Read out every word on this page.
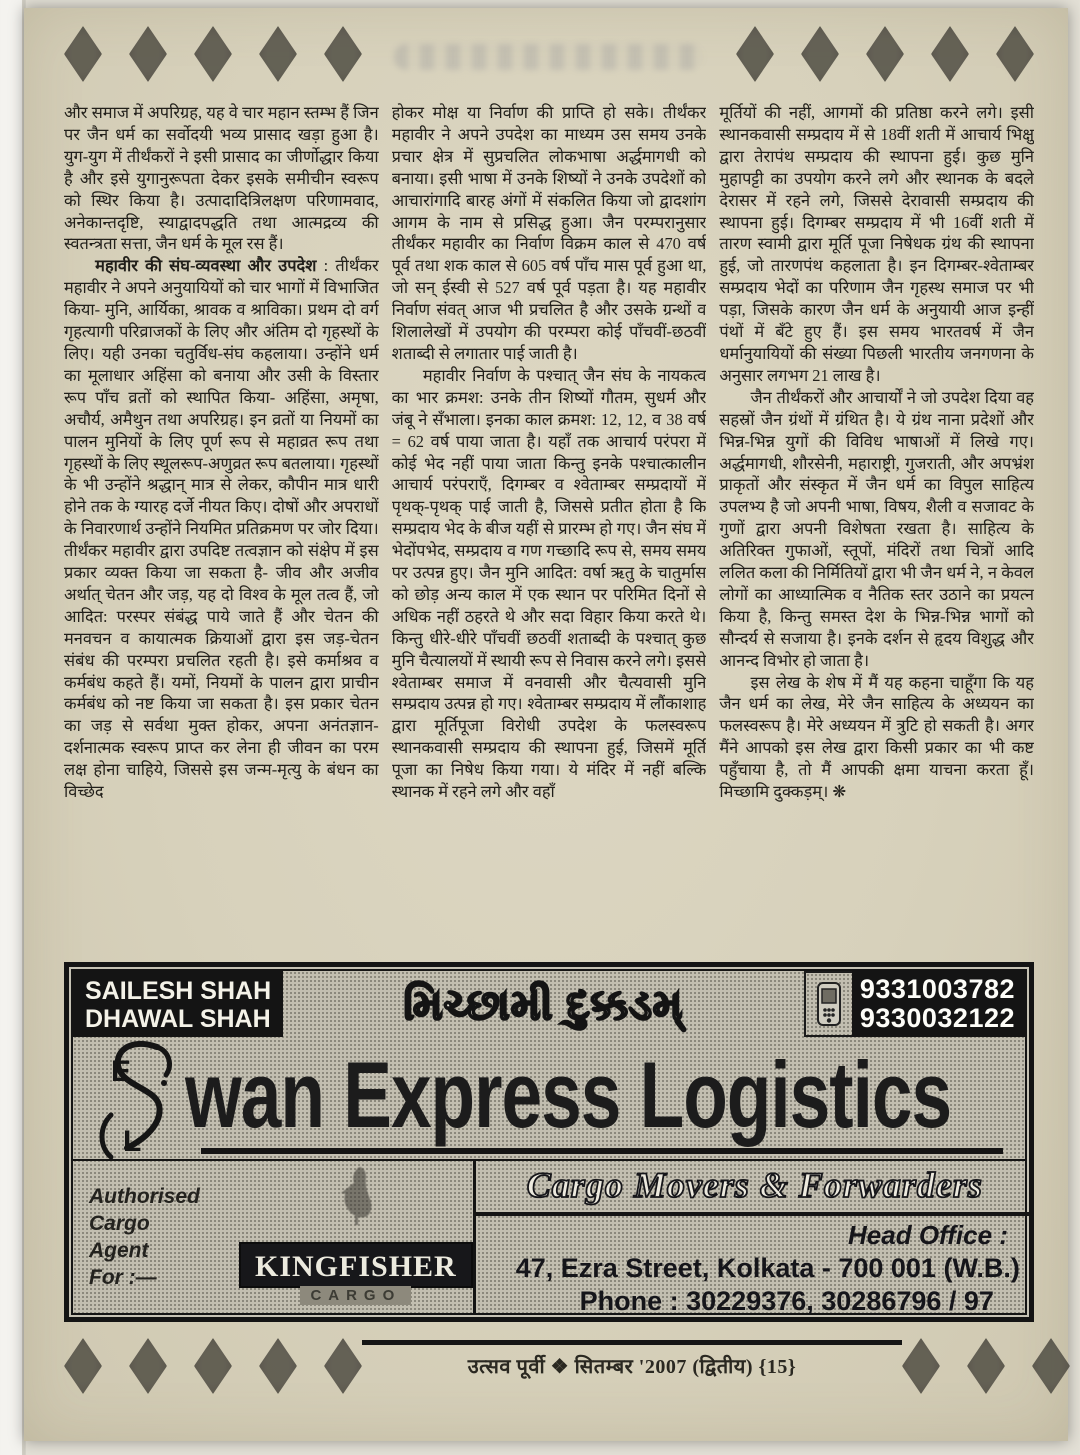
और समाज में अपरिग्रह, यह वे चार महान स्तम्भ हैं जिन पर जैन धर्म का सर्वोदयी भव्य प्रासाद खड़ा हुआ है। युग-युग में तीर्थंकरों ने इसी प्रासाद का जीर्णोद्धार किया है और इसे युगानुरूपता देकर इसके समीचीन स्वरूप को स्थिर किया है। उत्पादादित्रिलक्षण परिणामवाद, अनेकान्तदृष्टि, स्याद्वादपद्धति तथा आत्मद्रव्य की स्वतन्त्रता सत्ता, जैन धर्म के मूल रस हैं।

महावीर की संघ-व्यवस्था और उपदेश : तीर्थंकर महावीर ने अपने अनुयायियों को चार भागों में विभाजित किया- मुनि, आर्यिका, श्रावक व श्राविका। प्रथम दो वर्ग गृहत्यागी परिव्राजकों के लिए और अंतिम दो गृहस्थों के लिए। यही उनका चतुर्विध-संघ कहलाया। उन्होंने धर्म का मूलाधार अहिंसा को बनाया और उसी के विस्तार रूप पाँच व्रतों को स्थापित किया- अहिंसा, अमृषा, अचौर्य, अमैथुन तथा अपरिग्रह। इन व्रतों या नियमों का पालन मुनियों के लिए पूर्ण रूप से महाव्रत रूप तथा गृहस्थों के लिए स्थूलरूप-अणुव्रत रूप बतलाया। गृहस्थों के भी उन्होंने श्रद्धान् मात्र से लेकर, कौपीन मात्र धारी होने तक के ग्यारह दर्जे नीयत किए। दोषों और अपराधों के निवारणार्थ उन्होंने नियमित प्रतिक्रमण पर जोर दिया। तीर्थंकर महावीर द्वारा उपदिष्ट तत्वज्ञान को संक्षेप में इस प्रकार व्यक्त किया जा सकता है- जीव और अजीव अर्थात् चेतन और जड़, यह दो विश्व के मूल तत्व हैं, जो आदित: परस्पर संबंद्ध पाये जाते हैं और चेतन की मनवचन व कायात्मक क्रियाओं द्वारा इस जड़-चेतन संबंध की परम्परा प्रचलित रहती है। इसे कर्माश्रव व कर्मबंध कहते हैं। यमों, नियमों के पालन द्वारा प्राचीन कर्मबंध को नष्ट किया जा सकता है। इस प्रकार चेतन का जड़ से सर्वथा मुक्त होकर, अपना अनंतज्ञान-दर्शनात्मक स्वरूप प्राप्त कर लेना ही जीवन का परम लक्ष होना चाहिये, जिससे इस जन्म-मृत्यु के बंधन का विच्छेद

होकर मोक्ष या निर्वाण की प्राप्ति हो सके। तीर्थंकर महावीर ने अपने उपदेश का माध्यम उस समय उनके प्रचार क्षेत्र में सुप्रचलित लोकभाषा अर्द्धमागधी को बनाया। इसी भाषा में उनके शिष्यों ने उनके उपदेशों को आचारांगादि बारह अंगों में संकलित किया जो द्वादशांग आगम के नाम से प्रसिद्ध हुआ। जैन परम्परानुसार तीर्थंकर महावीर का निर्वाण विक्रम काल से 470 वर्ष पूर्व तथा शक काल से 605 वर्ष पाँच मास पूर्व हुआ था, जो सन् ईस्वी से 527 वर्ष पूर्व पड़ता है। यह महावीर निर्वाण संवत् आज भी प्रचलित है और उसके ग्रन्थों व शिलालेखों में उपयोग की परम्परा कोई पाँचवीं-छठवीं शताब्दी से लगातार पाई जाती है।

महावीर निर्वाण के पश्चात् जैन संघ के नायकत्व का भार क्रमश: उनके तीन शिष्यों गौतम, सुधर्म और जंबू ने सँभाला। इनका काल क्रमश: 12, 12, व 38 वर्ष = 62 वर्ष पाया जाता है। यहाँ तक आचार्य परंपरा में कोई भेद नहीं पाया जाता किन्तु इनके पश्चात्कालीन आचार्य परंपराएँ, दिगम्बर व श्वेताम्बर सम्प्रदायों में पृथक्-पृथक् पाई जाती है, जिससे प्रतीत होता है कि सम्प्रदाय भेद के बीज यहीं से प्रारम्भ हो गए। जैन संघ में भेदोंपभेद, सम्प्रदाय व गण गच्छादि रूप से, समय समय पर उत्पन्न हुए। जैन मुनि आदित: वर्षा ऋतु के चातुर्मास को छोड़ अन्य काल में एक स्थान पर परिमित दिनों से अधिक नहीं ठहरते थे और सदा विहार किया करते थे। किन्तु धीरे-धीरे पाँचवीं छठवीं शताब्दी के पश्चात् कुछ मुनि चैत्यालयों में स्थायी रूप से निवास करने लगे। इससे श्वेताम्बर समाज में वनवासी और चैत्यवासी मुनि सम्प्रदाय उत्पन्न हो गए। श्वेताम्बर सम्प्रदाय में लौंकाशाह द्वारा मूर्तिपूजा विरोधी उपदेश के फलस्वरूप स्थानकवासी सम्प्रदाय की स्थापना हुई, जिसमें मूर्ति पूजा का निषेध किया गया। ये मंदिर में नहीं बल्कि स्थानक में रहने लगे और वहाँ

मूर्तियों की नहीं, आगमों की प्रतिष्ठा करने लगे। इसी स्थानकवासी सम्प्रदाय में से 18वीं शती में आचार्य भिक्षु द्वारा तेरापंथ सम्प्रदाय की स्थापना हुई। कुछ मुनि मुहापट्टी का उपयोग करने लगे और स्थानक के बदले देरासर में रहने लगे, जिससे देरावासी सम्प्रदाय की स्थापना हुई। दिगम्बर सम्प्रदाय में भी 16वीं शती में तारण स्वामी द्वारा मूर्ति पूजा निषेधक ग्रंथ की स्थापना हुई, जो तारणपंथ कहलाता है। इन दिगम्बर-श्वेताम्बर सम्प्रदाय भेदों का परिणाम जैन गृहस्थ समाज पर भी पड़ा, जिसके कारण जैन धर्म के अनुयायी आज इन्हीं पंथों में बँटे हुए हैं। इस समय भारतवर्ष में जैन धर्मानुयायियों की संख्या पिछली भारतीय जनगणना के अनुसार लगभग 21 लाख है।

जैन तीर्थंकरों और आचार्यों ने जो उपदेश दिया वह सहस्रों जैन ग्रंथों में ग्रंथित है। ये ग्रंथ नाना प्रदेशों और भिन्न-भिन्न युगों की विविध भाषाओं में लिखे गए। अर्द्धमागधी, शौरसेनी, महाराष्ट्री, गुजराती, और अपभ्रंश प्राकृतों और संस्कृत में जैन धर्म का विपुल साहित्य उपलभ्य है जो अपनी भाषा, विषय, शैली व सजावट के गुणों द्वारा अपनी विशेषता रखता है। साहित्य के अतिरिक्त गुफाओं, स्तूपों, मंदिरों तथा चित्रों आदि ललित कला की निर्मितियों द्वारा भी जैन धर्म ने, न केवल लोगों का आध्यात्मिक व नैतिक स्तर उठाने का प्रयत्न किया है, किन्तु समस्त देश के भिन्न-भिन्न भागों को सौन्दर्य से सजाया है। इनके दर्शन से हृदय विशुद्ध और आनन्द विभोर हो जाता है।

इस लेख के शेष में मैं यह कहना चाहूँगा कि यह जैन धर्म का लेख, मेरे जैन साहित्य के अध्ययन का फलस्वरूप है। मेरे अध्ययन में त्रुटि हो सकती है। अगर मैंने आपको इस लेख द्वारा किसी प्रकार का भी कष्ट पहुँचाया है, तो मैं आपकी क्षमा याचना करता हूँ। मिच्छामि दुक्कड़म्। ❋

SAILESH SHAH
DHAWAL SHAH	મિચ્છામી દુક્કડમ્	9331003782
9330032122
E
L wan Express Logistics
Authorised
Cargo
Agent
For :—	KINGFISHER
CARGO
Cargo Movers & Forwarders
Head Office :
47, Ezra Street, Kolkata - 700 001 (W.B.)
Phone : 30229376, 30286796 / 97
उत्सव पूर्वी ❖ सितम्बर '2007 (द्वितीय) {15}
